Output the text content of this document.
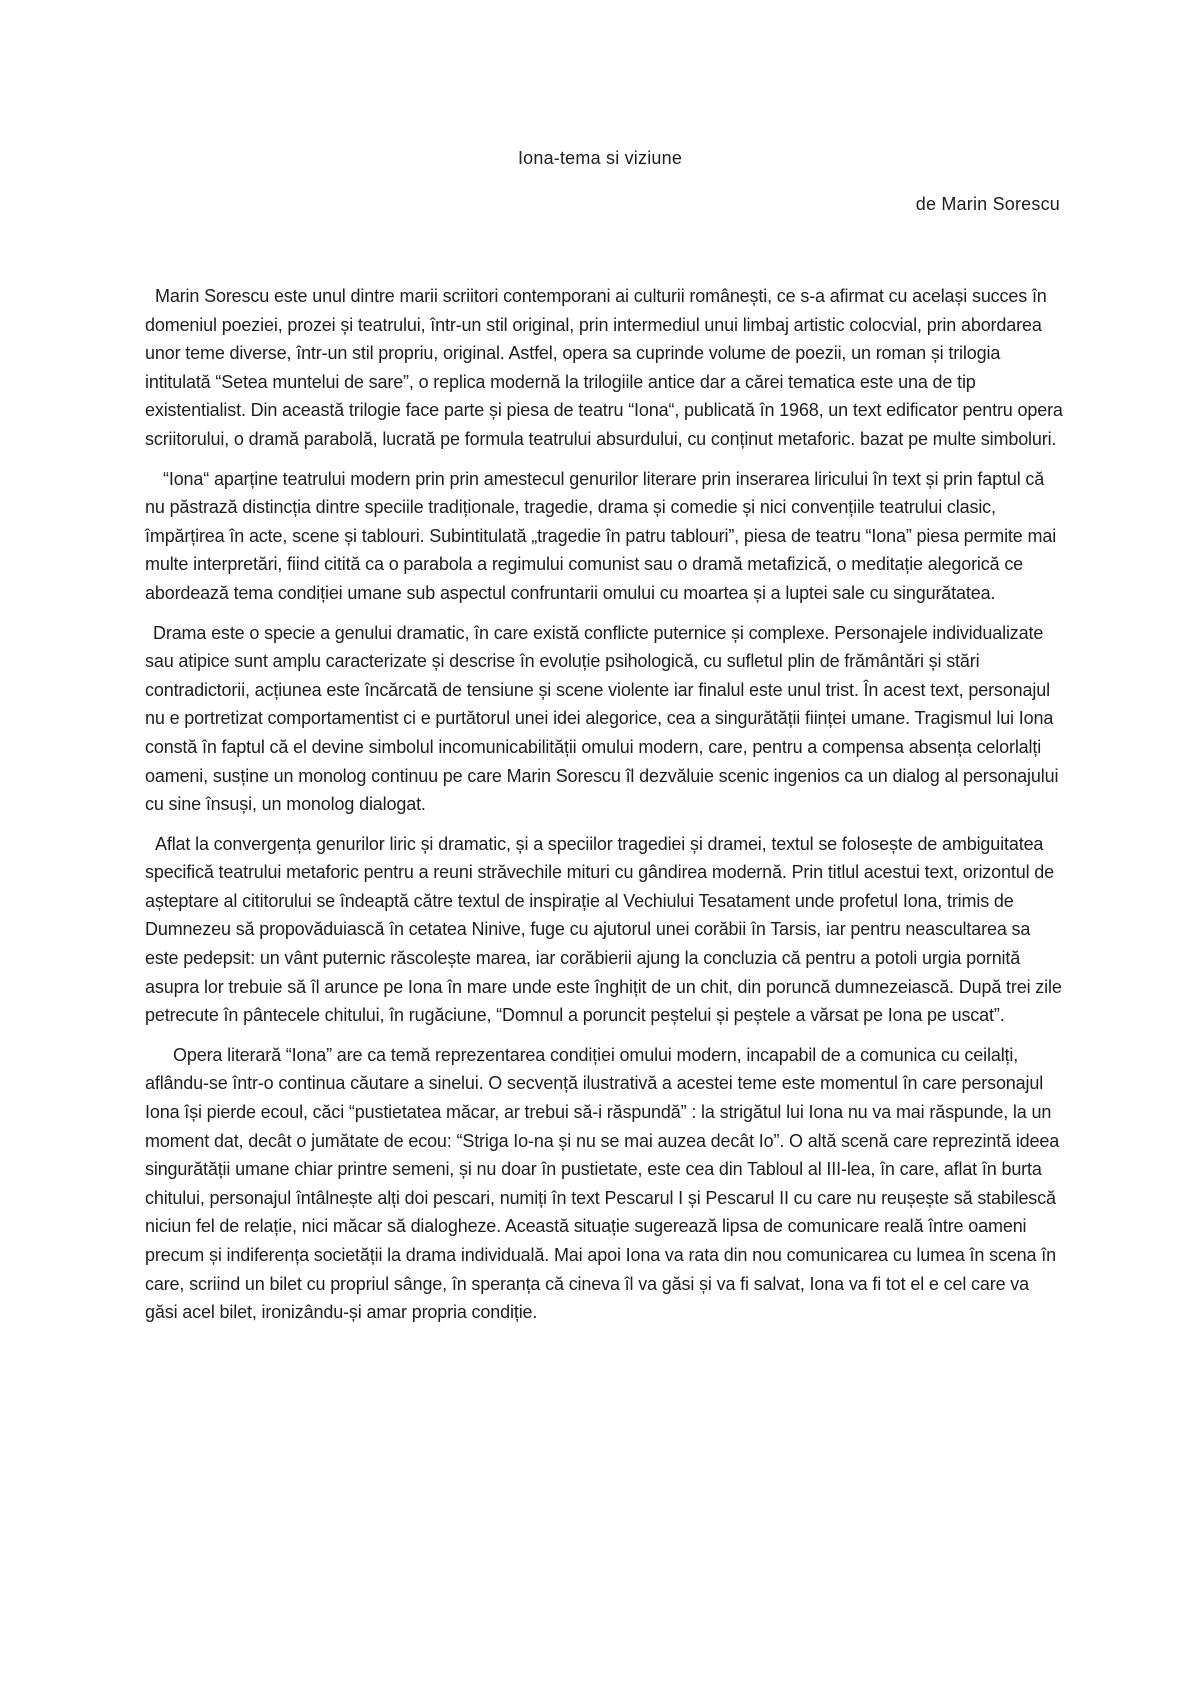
Iona-tema si viziune
de Marin Sorescu

Marin Sorescu este unul dintre marii scriitori contemporani ai culturii românești, ce s-a afirmat cu același succes în domeniul poeziei, prozei și teatrului, într-un stil original, prin intermediul unui limbaj artistic colocvial, prin abordarea unor teme diverse, într-un stil propriu, original. Astfel, opera sa cuprinde volume de poezii, un roman și trilogia intitulată “Setea muntelui de sare”, o replica modernă la trilogiile antice dar a cărei tematica este una de tip existentialist. Din această trilogie face parte și piesa de teatru “Iona“, publicată în 1968, un text edificator pentru opera scriitorului, o dramă parabolă, lucrată pe formula teatrului absurdului, cu conținut metaforic. bazat pe multe simboluri.

“Iona“ aparține teatrului modern prin prin amestecul genurilor literare prin inserarea liricului în text și prin faptul că nu păstrază distincția dintre speciile tradiționale, tragedie, drama și comedie și nici convențiile teatrului clasic, împărțirea în acte, scene și tablouri. Subintitulată „tragedie în patru tablouri”, piesa de teatru “Iona” piesa permite mai multe interpretări, fiind citită ca o parabola a regimului comunist sau o dramă metafizică, o meditație alegorică ce abordează tema condiției umane sub aspectul confruntarii omului cu moartea și a luptei sale cu singurătatea.

Drama este o specie a genului dramatic, în care există conflicte puternice și complexe. Personajele individualizate sau atipice sunt amplu caracterizate și descrise în evoluție psihologică, cu sufletul plin de frământări și stări contradictorii, acțiunea este încărcată de tensiune și scene violente iar finalul este unul trist. În acest text, personajul nu e portretizat comportamentist ci e purtătorul unei idei alegorice, cea a singurătății ființei umane. Tragismul lui Iona constă în faptul că el devine simbolul incomunicabilității omului modern, care, pentru a compensa absența celorlalți oameni, susține un monolog continuu pe care Marin Sorescu îl dezvăluie scenic ingenios ca un dialog al personajului cu sine însuși, un monolog dialogat.

Aflat la convergența genurilor liric și dramatic, și a speciilor tragediei și dramei, textul se folosește de ambiguitatea specifică teatrului metaforic pentru a reuni străvechile mituri cu gândirea modernă. Prin titlul acestui text, orizontul de așteptare al cititorului se îndeaptă către textul de inspirație al Vechiului Tesatament unde profetul Iona, trimis de Dumnezeu să propovăduiască în cetatea Ninive, fuge cu ajutorul unei corăbii în Tarsis, iar pentru neascultarea sa este pedepsit: un vânt puternic răscolește marea, iar corăbierii ajung la concluzia că pentru a potoli urgia pornită asupra lor trebuie să îl arunce pe Iona în mare unde este înghițit de un chit, din poruncă dumnezeiască. După trei zile petrecute în pântecele chitului, în rugăciune, “Domnul a poruncit peștelui și peștele a vărsat pe Iona pe uscat”.

Opera literară “Iona” are ca temă reprezentarea condiției omului modern, incapabil de a comunica cu ceilalți, aflându-se într-o continua căutare a sinelui. O secvență ilustrativă a acestei teme este momentul în care personajul Iona își pierde ecoul, căci “pustietatea măcar, ar trebui să-i răspundă” : la strigătul lui Iona nu va mai răspunde, la un moment dat, decât o jumătate de ecou: “Striga Io-na și nu se mai auzea decât Io”. O altă scenă care reprezintă ideea singurătății umane chiar printre semeni, și nu doar în pustietate, este cea din Tabloul al III-lea, în care, aflat în burta chitului, personajul întâlnește alți doi pescari, numiți în text Pescarul I și Pescarul II cu care nu reușește să stabilescă niciun fel de relație, nici măcar să dialogheze. Această situație sugerează lipsa de comunicare reală între oameni precum și indiferența societății la drama individuală. Mai apoi Iona va rata din nou comunicarea cu lumea în scena în care, scriind un bilet cu propriul sânge, în speranța că cineva îl va găsi și va fi salvat, Iona va fi tot el e cel care va găsi acel bilet, ironizându-și amar propria condiție.
